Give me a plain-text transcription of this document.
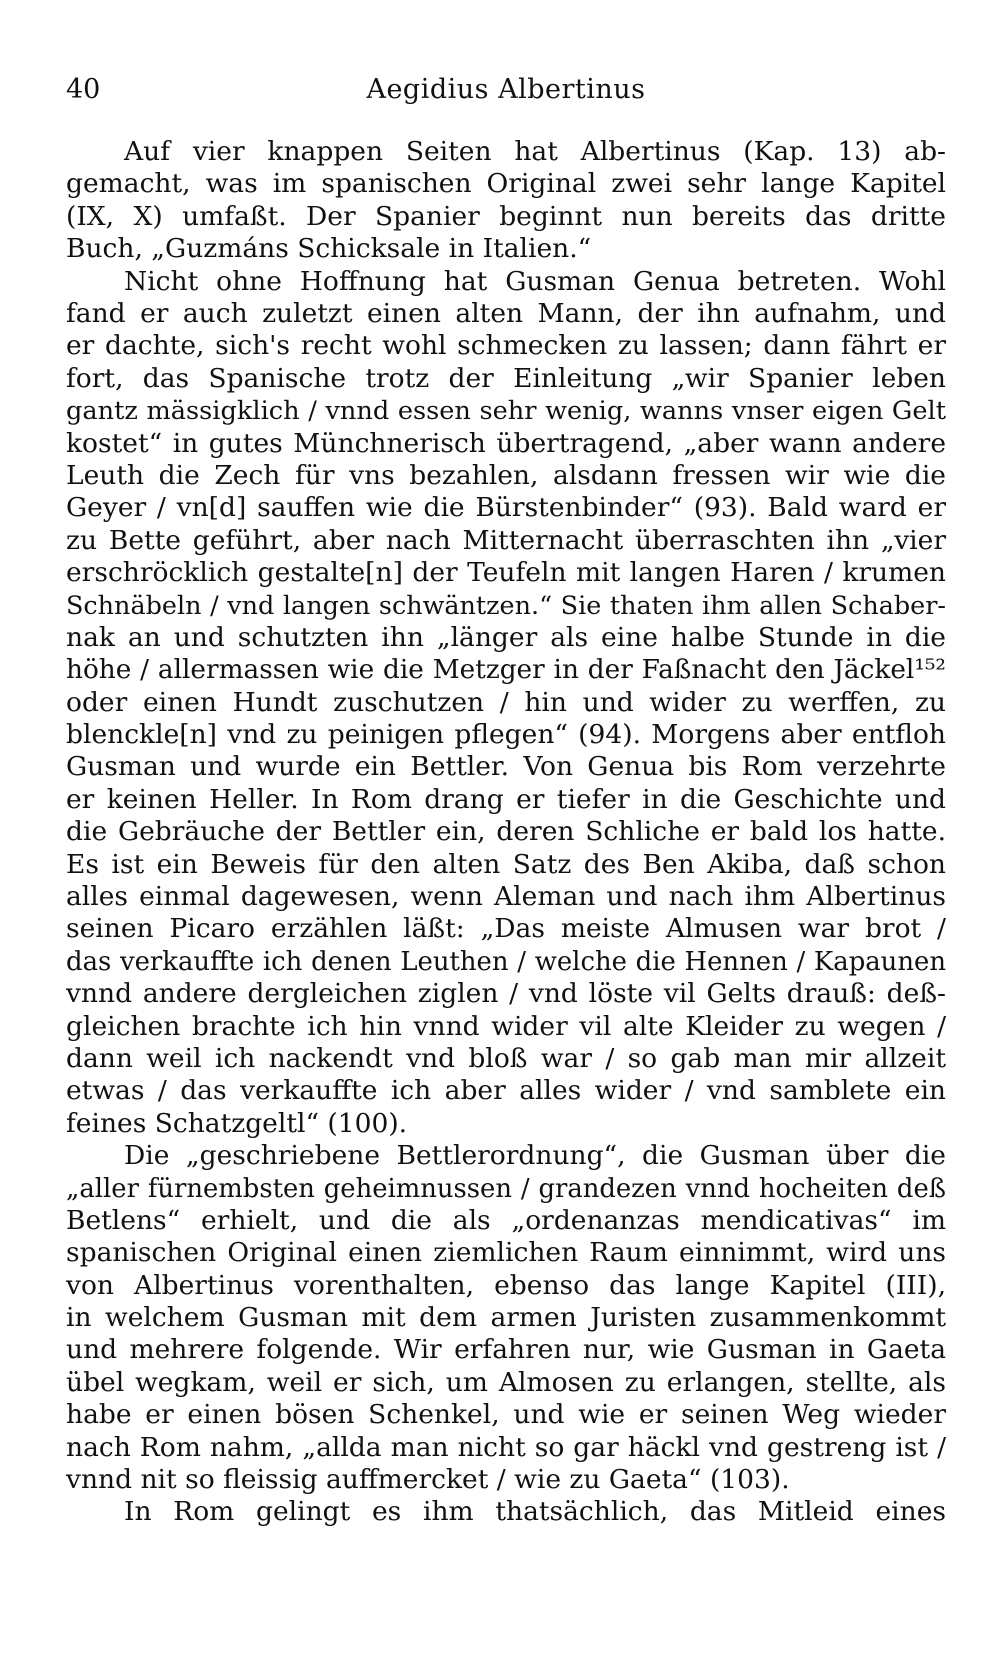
40	Aegidius Albertinus
Auf vier knappen Seiten hat Albertinus (Kap. 13) ab-
gemacht, was im spanischen Original zwei sehr lange Kapitel
(IX, X) umfaßt. Der Spanier beginnt nun bereits das dritte
Buch, „Guzmáns Schicksale in Italien.“
Nicht ohne Hoffnung hat Gusman Genua betreten. Wohl
fand er auch zuletzt einen alten Mann, der ihn aufnahm, und
er dachte, sich's recht wohl schmecken zu lassen; dann fährt er
fort, das Spanische trotz der Einleitung „wir Spanier leben
gantz mässigklich / vnnd essen sehr wenig, wanns vnser eigen Gelt
kostet“ in gutes Münchnerisch übertragend, „aber wann andere
Leuth die Zech für vns bezahlen, alsdann fressen wir wie die
Geyer / vn[d] sauffen wie die Bürstenbinder“ (93). Bald ward er
zu Bette geführt, aber nach Mitternacht überraschten ihn „vier
erschröcklich gestalte[n] der Teufeln mit langen Haren / krumen
Schnäbeln / vnd langen schwäntzen.“ Sie thaten ihm allen Schaber-
nak an und schutzten ihn „länger als eine halbe Stunde in die
höhe / allermassen wie die Metzger in der Faßnacht den Jäckel¹⁵²
oder einen Hundt zuschutzen / hin und wider zu werffen, zu
blenckle[n] vnd zu peinigen pflegen“ (94). Morgens aber entfloh
Gusman und wurde ein Bettler. Von Genua bis Rom verzehrte
er keinen Heller. In Rom drang er tiefer in die Geschichte und
die Gebräuche der Bettler ein, deren Schliche er bald los hatte.
Es ist ein Beweis für den alten Satz des Ben Akiba, daß schon
alles einmal dagewesen, wenn Aleman und nach ihm Albertinus
seinen Picaro erzählen läßt: „Das meiste Almusen war brot /
das verkauffte ich denen Leuthen / welche die Hennen / Kapaunen
vnnd andere dergleichen ziglen / vnd löste vil Gelts drauß: deß-
gleichen brachte ich hin vnnd wider vil alte Kleider zu wegen /
dann weil ich nackendt vnd bloß war / so gab man mir allzeit
etwas / das verkauffte ich aber alles wider / vnd samblete ein
feines Schatzgeltl“ (100).
Die „geschriebene Bettlerordnung“, die Gusman über die
„aller fürnembsten geheimnussen / grandezen vnnd hocheiten deß
Betlens“ erhielt, und die als „ordenanzas mendicativas“ im
spanischen Original einen ziemlichen Raum einnimmt, wird uns
von Albertinus vorenthalten, ebenso das lange Kapitel (III),
in welchem Gusman mit dem armen Juristen zusammenkommt
und mehrere folgende. Wir erfahren nur, wie Gusman in Gaeta
übel wegkam, weil er sich, um Almosen zu erlangen, stellte, als
habe er einen bösen Schenkel, und wie er seinen Weg wieder
nach Rom nahm, „allda man nicht so gar häckl vnd gestreng ist /
vnnd nit so fleissig auffmercket / wie zu Gaeta“ (103).
In Rom gelingt es ihm thatsächlich, das Mitleid eines
